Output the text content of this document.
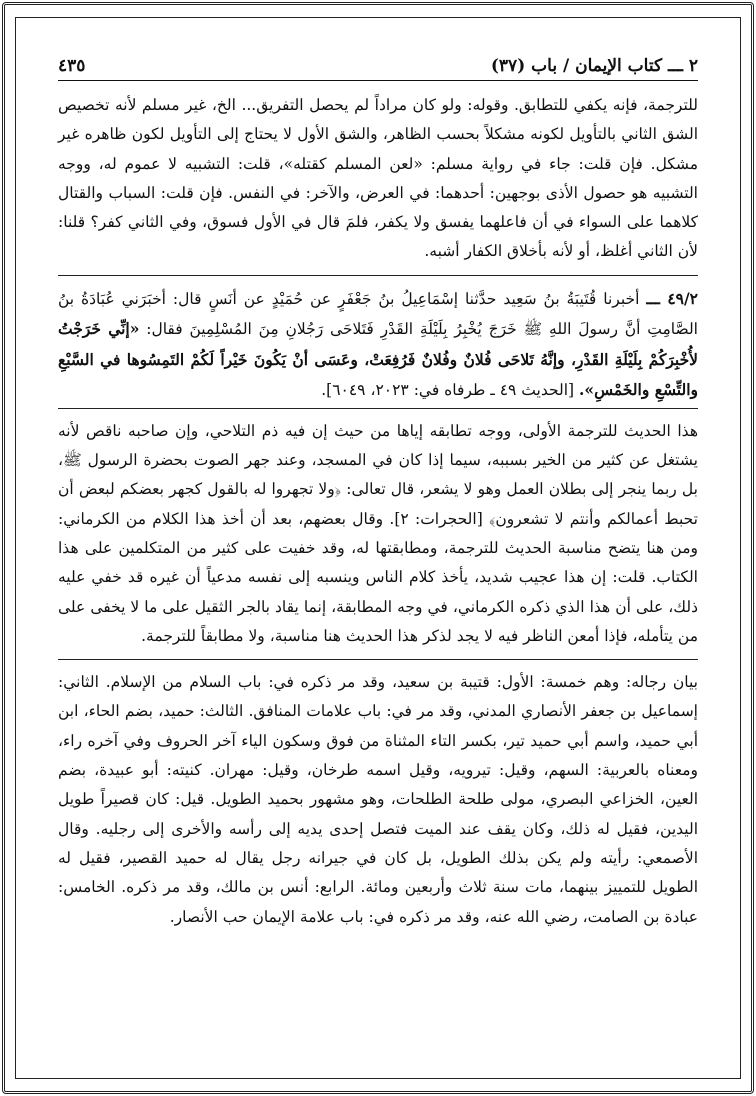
٢ ـــ كتاب الإيمان / باب (٣٧)
٤٣٥
للترجمة، فإنه يكفي للتطابق. وقوله: ولو كان مراداً لم يحصل التفريق... الخ، غير مسلم لأنه تخصيص الشق الثاني بالتأويل لكونه مشكلاً بحسب الظاهر، والشق الأول لا يحتاج إلى التأويل لكون ظاهره غير مشكل. فإن قلت: جاء في رواية مسلم: «لعن المسلم كقتله»، قلت: التشبيه لا عموم له، ووجه التشبيه هو حصول الأذى بوجهين: أحدهما: في العرض، والآخر: في النفس. فإن قلت: السباب والقتال كلاهما على السواء في أن فاعلهما يفسق ولا يكفر، فلمَ قال في الأول فسوق، وفي الثاني كفر؟ قلنا: لأن الثاني أغلظ، أو لأنه بأخلاق الكفار أشبه.
٤٩/٢ ـــ أخبرنا قُتَيبَةُ بنُ سَعِيد حدَّثنا إسْمَاعِيلُ بنُ جَعْفَرٍ عن حُمَيْدٍ عن أنَسٍ قال: أخبَرَني عُبَادَةُ بنُ الصَّامِتِ أنَّ رسولَ اللهِ ﷺ خَرَجَ يُخْبِرُ بِلَيْلَةِ القَدْرِ فَتَلاحَى رَجُلانِ مِنَ المُسْلِمِينَ فقال: «إنِّي خَرَجْتُ لأُخْبِرَكُمْ بِلَيْلَةِ القَدْرِ، وإنَّهُ تَلاحَى فُلانٌ وفُلانٌ فَرُفِعَتْ، وعَسَى أنْ يَكُونَ خَيْراً لَكُمْ التَمِسُوها في السَّبْعِ والتِّسْعِ والخَمْسِ». [الحديث ٤٩ ـ طرفاه في: ٢٠٢٣، ٦٠٤٩].
هذا الحديث للترجمة الأولى، ووجه تطابقه إياها من حيث إن فيه ذم التلاحي، وإن صاحبه ناقص لأنه يشتغل عن كثير من الخير بسببه، سيما إذا كان في المسجد، وعند جهر الصوت بحضرة الرسول ﷺ، بل ربما ينجر إلى بطلان العمل وهو لا يشعر، قال تعالى: ﴿ولا تجهروا له بالقول كجهر بعضكم لبعض أن تحبط أعمالكم وأنتم لا تشعرون﴾ [الحجرات: ٢]. وقال بعضهم، بعد أن أخذ هذا الكلام من الكرماني: ومن هنا يتضح مناسبة الحديث للترجمة، ومطابقتها له، وقد خفيت على كثير من المتكلمين على هذا الكتاب. قلت: إن هذا عجيب شديد، يأخذ كلام الناس وينسبه إلى نفسه مدعياً أن غيره قد خفي عليه ذلك، على أن هذا الذي ذكره الكرماني، في وجه المطابقة، إنما يقاد بالجر الثقيل على ما لا يخفى على من يتأمله، فإذا أمعن الناظر فيه لا يجد لذكر هذا الحديث هنا مناسبة، ولا مطابقاً للترجمة.
بيان رجاله: وهم خمسة: الأول: قتيبة بن سعيد، وقد مر ذكره في: باب السلام من الإسلام. الثاني: إسماعيل بن جعفر الأنصاري المدني، وقد مر في: باب علامات المنافق. الثالث: حميد، بضم الحاء، ابن أبي حميد، واسم أبي حميد تير، بكسر التاء المثناة من فوق وسكون الياء آخر الحروف وفي آخره راء، ومعناه بالعربية: السهم، وقيل: تيرويه، وقيل اسمه طرخان، وقيل: مهران. كنيته: أبو عبيدة، بضم العين، الخزاعي البصري، مولى طلحة الطلحات، وهو مشهور بحميد الطويل. قيل: كان قصيراً طويل اليدين، فقيل له ذلك، وكان يقف عند الميت فتصل إحدى يديه إلى رأسه والأخرى إلى رجليه. وقال الأصمعي: رأيته ولم يكن بذلك الطويل، بل كان في جيرانه رجل يقال له حميد القصير، فقيل له الطويل للتمييز بينهما، مات سنة ثلاث وأربعين ومائة. الرابع: أنس بن مالك، وقد مر ذكره. الخامس: عبادة بن الصامت، رضي الله عنه، وقد مر ذكره في: باب علامة الإيمان حب الأنصار.
